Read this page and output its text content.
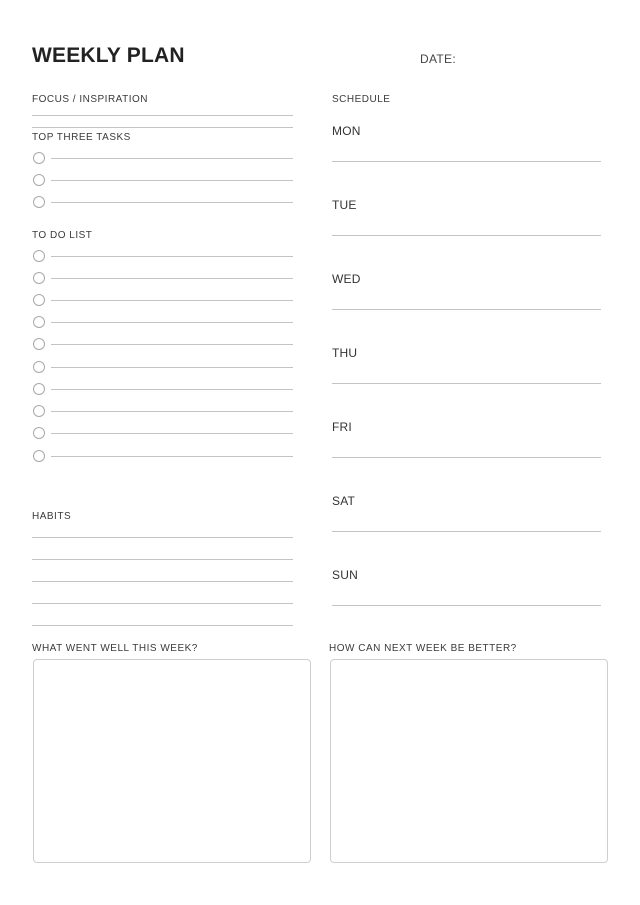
WEEKLY PLAN	DATE:
FOCUS / INSPIRATION
TOP THREE TASKS
TO DO LIST
HABITS
SCHEDULE
MON
TUE
WED
THU
FRI
SAT
SUN
WHAT WENT WELL THIS WEEK?	HOW CAN NEXT WEEK BE BETTER?
